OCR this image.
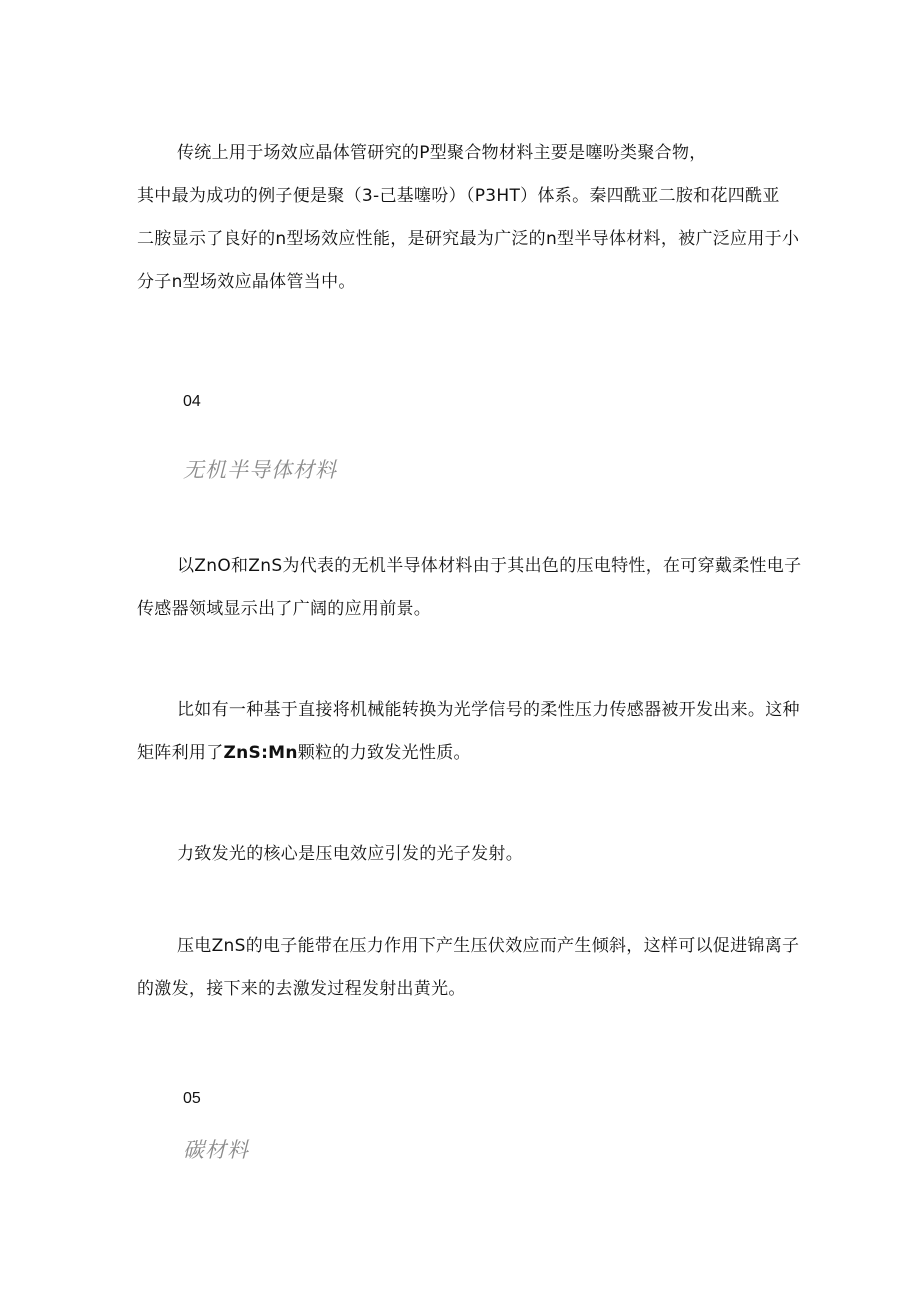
传统上用于场效应晶体管研究的P型聚合物材料主要是噻吩类聚合物，
其中最为成功的例子便是聚（3-己基噻吩）（P3HT）体系。秦四酰亚二胺和花四酰亚
二胺显示了良好的n型场效应性能，是研究最为广泛的n型半导体材料，被广泛应用于小
分子n型场效应晶体管当中。
04
无机半导体材料
以ZnO和ZnS为代表的无机半导体材料由于其出色的压电特性，在可穿戴柔性电子
传感器领域显示出了广阔的应用前景。
比如有一种基于直接将机械能转换为光学信号的柔性压力传感器被开发出来。这种
矩阵利用了ZnS:Mn颗粒的力致发光性质。
力致发光的核心是压电效应引发的光子发射。
压电ZnS的电子能带在压力作用下产生压伏效应而产生倾斜，这样可以促进锦离子
的激发，接下来的去激发过程发射出黄光。
05
碳材料
